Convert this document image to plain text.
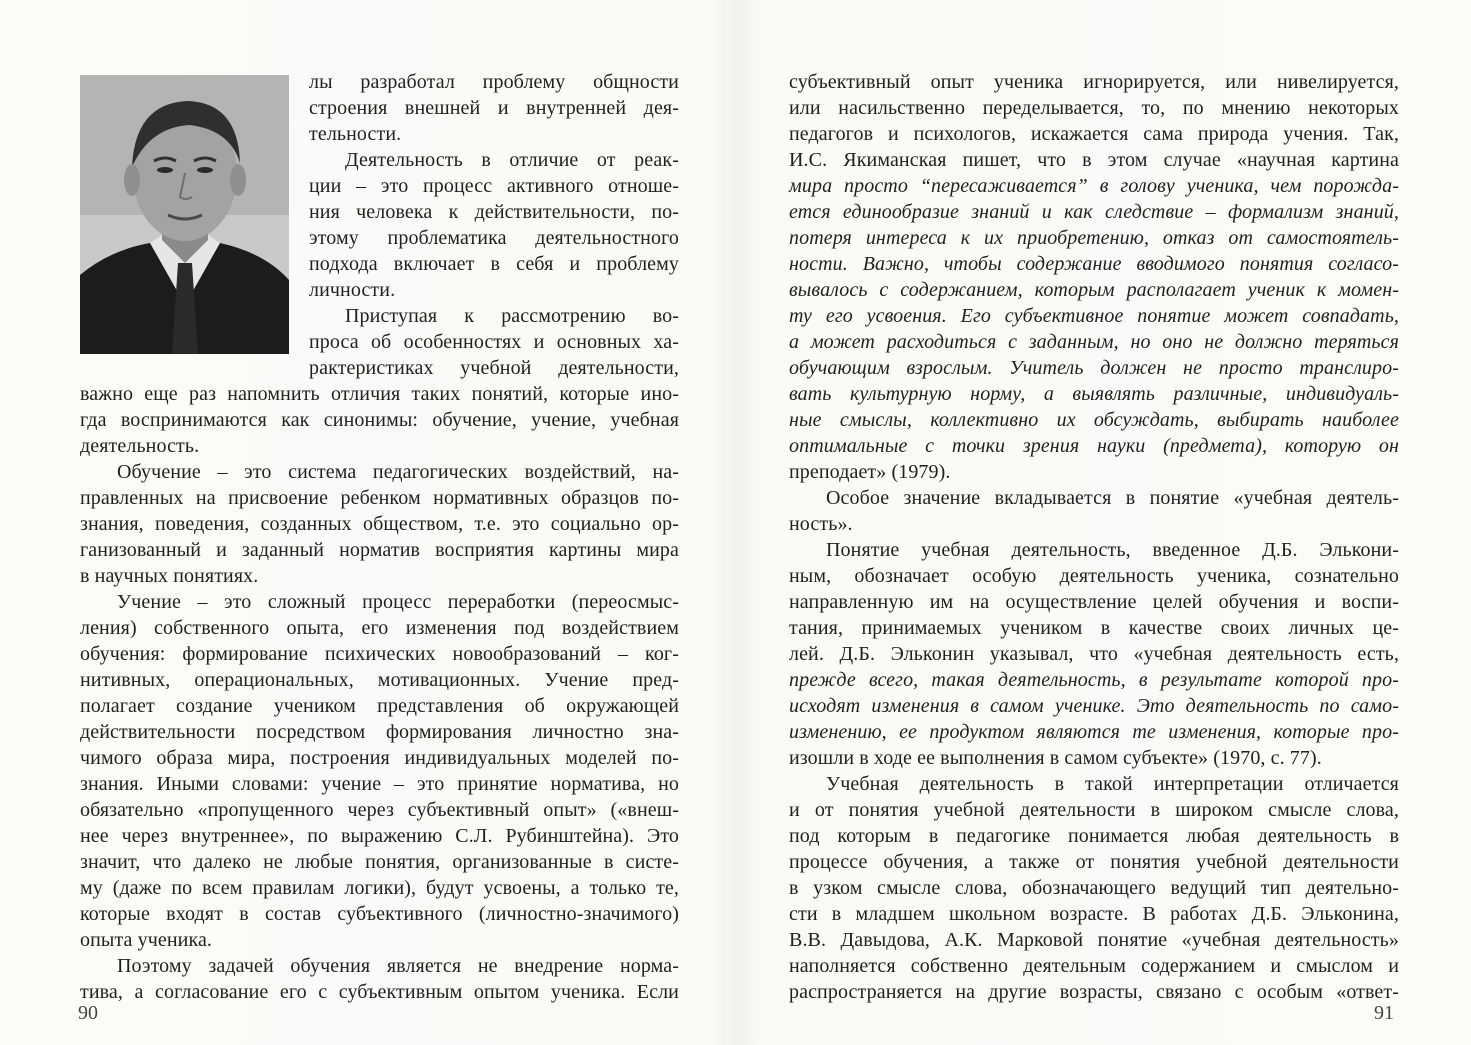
лы разработал проблему общности
строения внешней и внутренней дея-
тельности.
Деятельность в отличие от реак-
ции – это процесс активного отноше-
ния человека к действительности, по-
этому проблематика деятельностного
подхода включает в себя и проблему
личности.
Приступая к рассмотрению во-
проса об особенностях и основных ха-
рактеристиках учебной деятельности,
важно еще раз напомнить отличия таких понятий, которые ино-
гда воспринимаются как синонимы: обучение, учение, учебная
деятельность.
Обучение – это система педагогических воздействий, на-
правленных на присвоение ребенком нормативных образцов по-
знания, поведения, созданных обществом, т.е. это социально ор-
ганизованный и заданный норматив восприятия картины мира
в научных понятиях.
Учение – это сложный процесс переработки (переосмыс-
ления) собственного опыта, его изменения под воздействием
обучения: формирование психических новообразований – ког-
нитивных, операциональных, мотивационных. Учение пред-
полагает создание учеником представления об окружающей
действительности посредством формирования личностно зна-
чимого образа мира, построения индивидуальных моделей по-
знания. Иными словами: учение – это принятие норматива, но
обязательно «пропущенного через субъективный опыт» («внеш-
нее через внутреннее», по выражению С.Л. Рубинштейна). Это
значит, что далеко не любые понятия, организованные в систе-
му (даже по всем правилам логики), будут усвоены, а только те,
которые входят в состав субъективного (личностно-значимого)
опыта ученика.
Поэтому задачей обучения является не внедрение норма-
тива, а согласование его с субъективным опытом ученика. Если
90
субъективный опыт ученика игнорируется, или нивелируется,
или насильственно переделывается, то, по мнению некоторых
педагогов и психологов, искажается сама природа учения. Так,
И.С. Якиманская пишет, что в этом случае «научная картина
мира просто “пересаживается” в голову ученика, чем порожда-
ется единообразие знаний и как следствие – формализм знаний,
потеря интереса к их приобретению, отказ от самостоятель-
ности. Важно, чтобы содержание вводимого понятия согласо-
вывалось с содержанием, которым располагает ученик к момен-
ту его усвоения. Его субъективное понятие может совпадать,
а может расходиться с заданным, но оно не должно теряться
обучающим взрослым. Учитель должен не просто транслиро-
вать культурную норму, а выявлять различные, индивидуаль-
ные смыслы, коллективно их обсуждать, выбирать наиболее
оптимальные с точки зрения науки (предмета), которую он
преподает» (1979).
Особое значение вкладывается в понятие «учебная деятель-
ность».
Понятие учебная деятельность, введенное Д.Б. Элькони-
ным, обозначает особую деятельность ученика, сознательно
направленную им на осуществление целей обучения и воспи-
тания, принимаемых учеником в качестве своих личных це-
лей. Д.Б. Эльконин указывал, что «учебная деятельность есть,
прежде всего, такая деятельность, в результате которой про-
исходят изменения в самом ученике. Это деятельность по само-
изменению, ее продуктом являются те изменения, которые про-
изошли в ходе ее выполнения в самом субъекте» (1970, с. 77).
Учебная деятельность в такой интерпретации отличается
и от понятия учебной деятельности в широком смысле слова,
под которым в педагогике понимается любая деятельность в
процессе обучения, а также от понятия учебной деятельности
в узком смысле слова, обозначающего ведущий тип деятельно-
сти в младшем школьном возрасте. В работах Д.Б. Эльконина,
В.В. Давыдова, А.К. Марковой понятие «учебная деятельность»
наполняется собственно деятельным содержанием и смыслом и
распространяется на другие возрасты, связано с особым «ответ-
91
